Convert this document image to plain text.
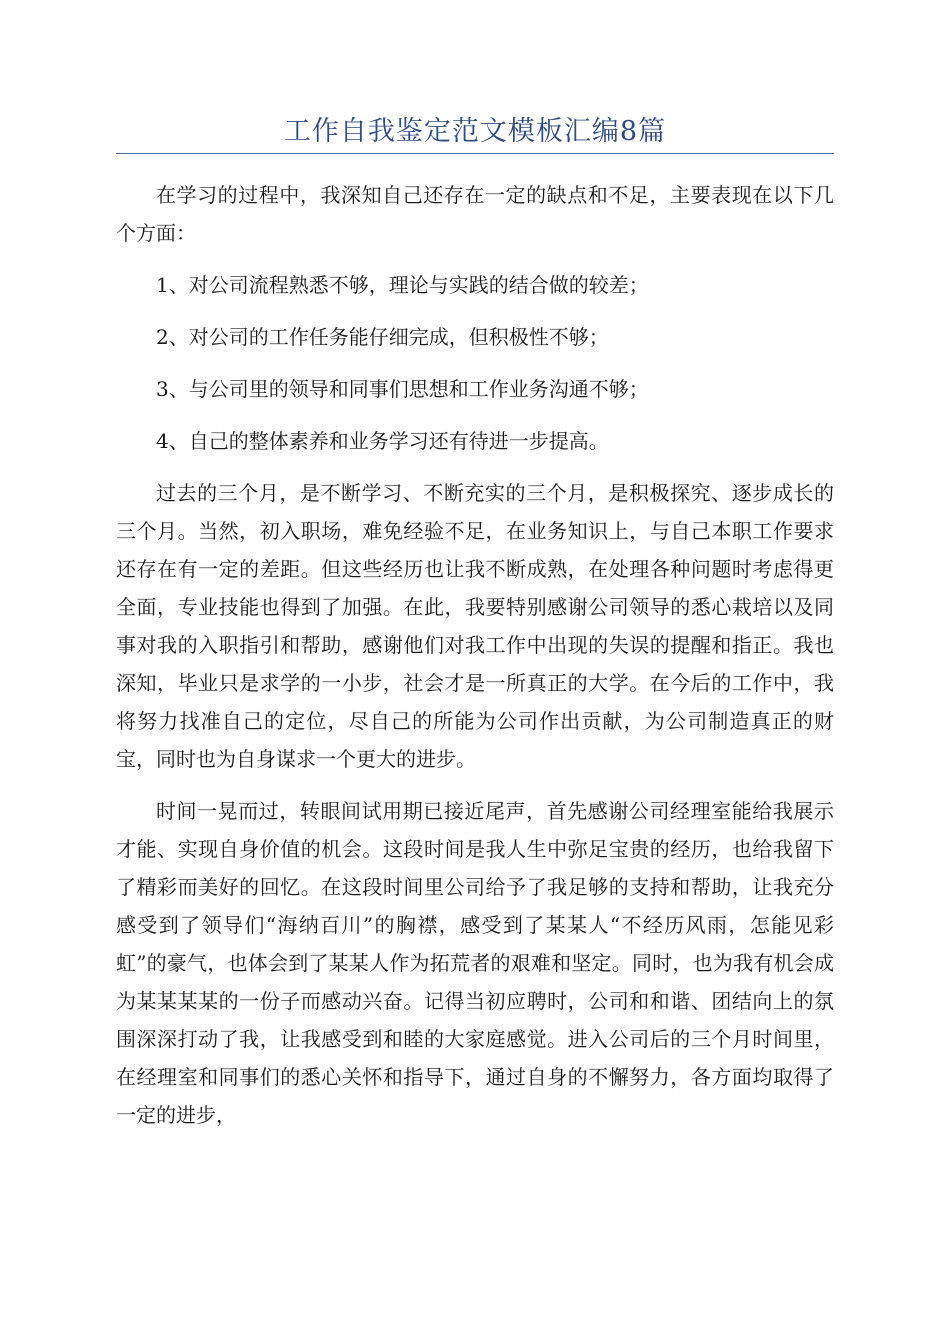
工作自我鉴定范文模板汇编8篇

在学习的过程中，我深知自己还存在一定的缺点和不足，主要表现在以下几个方面：

1、对公司流程熟悉不够，理论与实践的结合做的较差；

2、对公司的工作任务能仔细完成，但积极性不够；

3、与公司里的领导和同事们思想和工作业务沟通不够；

4、自己的整体素养和业务学习还有待进一步提高。

过去的三个月，是不断学习、不断充实的三个月，是积极探究、逐步成长的三个月。当然，初入职场，难免经验不足，在业务知识上，与自己本职工作要求还存在有一定的差距。但这些经历也让我不断成熟，在处理各种问题时考虑得更全面，专业技能也得到了加强。在此，我要特别感谢公司领导的悉心栽培以及同事对我的入职指引和帮助，感谢他们对我工作中出现的失误的提醒和指正。我也深知，毕业只是求学的一小步，社会才是一所真正的大学。在今后的工作中，我将努力找准自己的定位，尽自己的所能为公司作出贡献，为公司制造真正的财宝，同时也为自身谋求一个更大的进步。

时间一晃而过，转眼间试用期已接近尾声，首先感谢公司经理室能给我展示才能、实现自身价值的机会。这段时间是我人生中弥足宝贵的经历，也给我留下了精彩而美好的回忆。在这段时间里公司给予了我足够的支持和帮助，让我充分感受到了领导们“海纳百川”的胸襟，感受到了某某人“不经历风雨，怎能见彩虹”的豪气，也体会到了某某人作为拓荒者的艰难和坚定。同时，也为我有机会成为某某某某的一份子而感动兴奋。记得当初应聘时，公司和和谐、团结向上的氛围深深打动了我，让我感受到和睦的大家庭感觉。进入公司后的三个月时间里，在经理室和同事们的悉心关怀和指导下，通过自身的不懈努力，各方面均取得了一定的进步，
